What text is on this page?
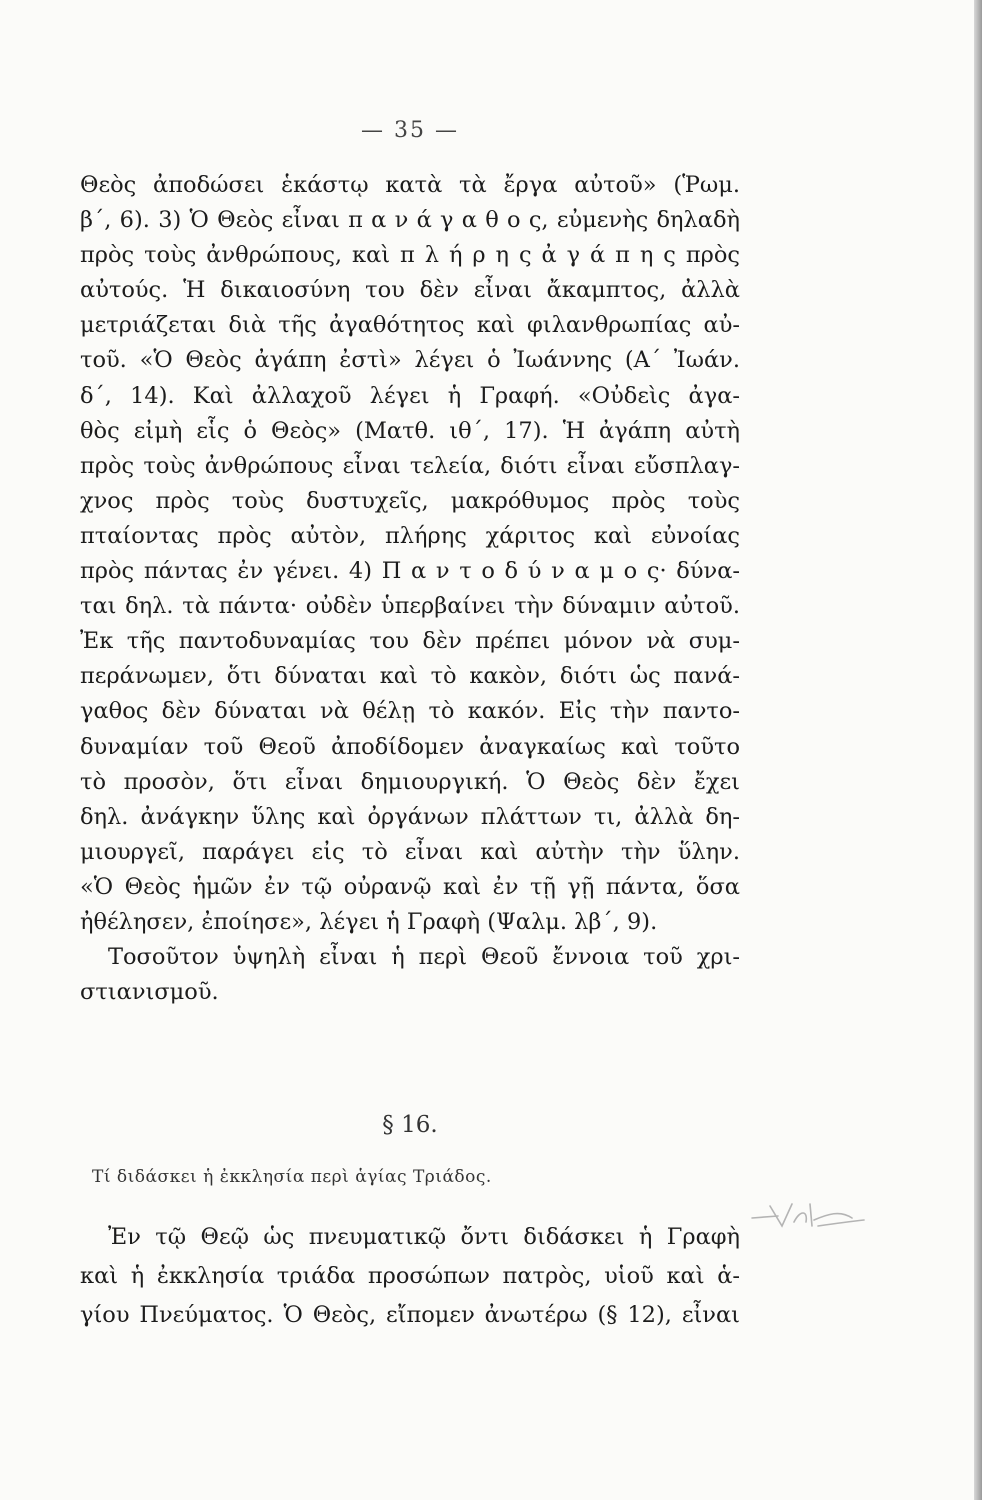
— 35 —
Θεὸς ἀποδώσει ἑκάστῳ κατὰ τὰ ἔργα αὐτοῦ» (Ῥωμ.
β΄, 6). 3) Ὁ Θεὸς εἶναι π α ν ά γ α θ ο ς, εὐμενὴς δηλαδὴ
πρὸς τοὺς ἀνθρώπους, καὶ π λ ή ρ η ς ἀ γ ά π η ς πρὸς
αὐτούς. Ἡ δικαιοσύνη του δὲν εἶναι ἄκαμπτος, ἀλλὰ
μετριάζεται διὰ τῆς ἀγαθότητος καὶ φιλανθρωπίας αὐ-
τοῦ. «Ὁ Θεὸς ἀγάπη ἐστὶ» λέγει ὁ Ἰωάννης (Α΄ Ἰωάν.
δ΄, 14). Καὶ ἀλλαχοῦ λέγει ἡ Γραφή. «Οὐδεὶς ἀγα-
θὸς εἰμὴ εἷς ὁ Θεὸς» (Ματθ. ιθ΄, 17). Ἡ ἀγάπη αὐτὴ
πρὸς τοὺς ἀνθρώπους εἶναι τελεία, διότι εἶναι εὔσπλαγ-
χνος πρὸς τοὺς δυστυχεῖς, μακρόθυμος πρὸς τοὺς
πταίοντας πρὸς αὐτὸν, πλήρης χάριτος καὶ εὐνοίας
πρὸς πάντας ἐν γένει. 4) Π α ν τ ο δ ύ ν α μ ο ς· δύνα-
ται δηλ. τὰ πάντα· οὐδὲν ὑπερβαίνει τὴν δύναμιν αὐτοῦ.
Ἐκ τῆς παντοδυναμίας του δὲν πρέπει μόνον νὰ συμ-
περάνωμεν, ὅτι δύναται καὶ τὸ κακὸν, διότι ὡς πανά-
γαθος δὲν δύναται νὰ θέλῃ τὸ κακόν. Εἰς τὴν παντο-
δυναμίαν τοῦ Θεοῦ ἀποδίδομεν ἀναγκαίως καὶ τοῦτο
τὸ προσὸν, ὅτι εἶναι δημιουργική. Ὁ Θεὸς δὲν ἔχει
δηλ. ἀνάγκην ὕλης καὶ ὀργάνων πλάττων τι, ἀλλὰ δη-
μιουργεῖ, παράγει εἰς τὸ εἶναι καὶ αὐτὴν τὴν ὕλην.
«Ὁ Θεὸς ἡμῶν ἐν τῷ οὐρανῷ καὶ ἐν τῇ γῇ πάντα, ὅσα
ἠθέλησεν, ἐποίησε», λέγει ἡ Γραφὴ (Ψαλμ. λβ΄, 9).
Τοσοῦτον ὑψηλὴ εἶναι ἡ περὶ Θεοῦ ἔννοια τοῦ χρι-
στιανισμοῦ.
§ 16.
Τί διδάσκει ἡ ἐκκλησία περὶ ἁγίας Τριάδος.
Ἐν τῷ Θεῷ ὡς πνευματικῷ ὄντι διδάσκει ἡ Γραφὴ
καὶ ἡ ἐκκλησία τριάδα προσώπων πατρὸς, υἱοῦ καὶ ἁ-
γίου Πνεύματος. Ὁ Θεὸς, εἴπομεν ἀνωτέρω (§ 12), εἶναι
